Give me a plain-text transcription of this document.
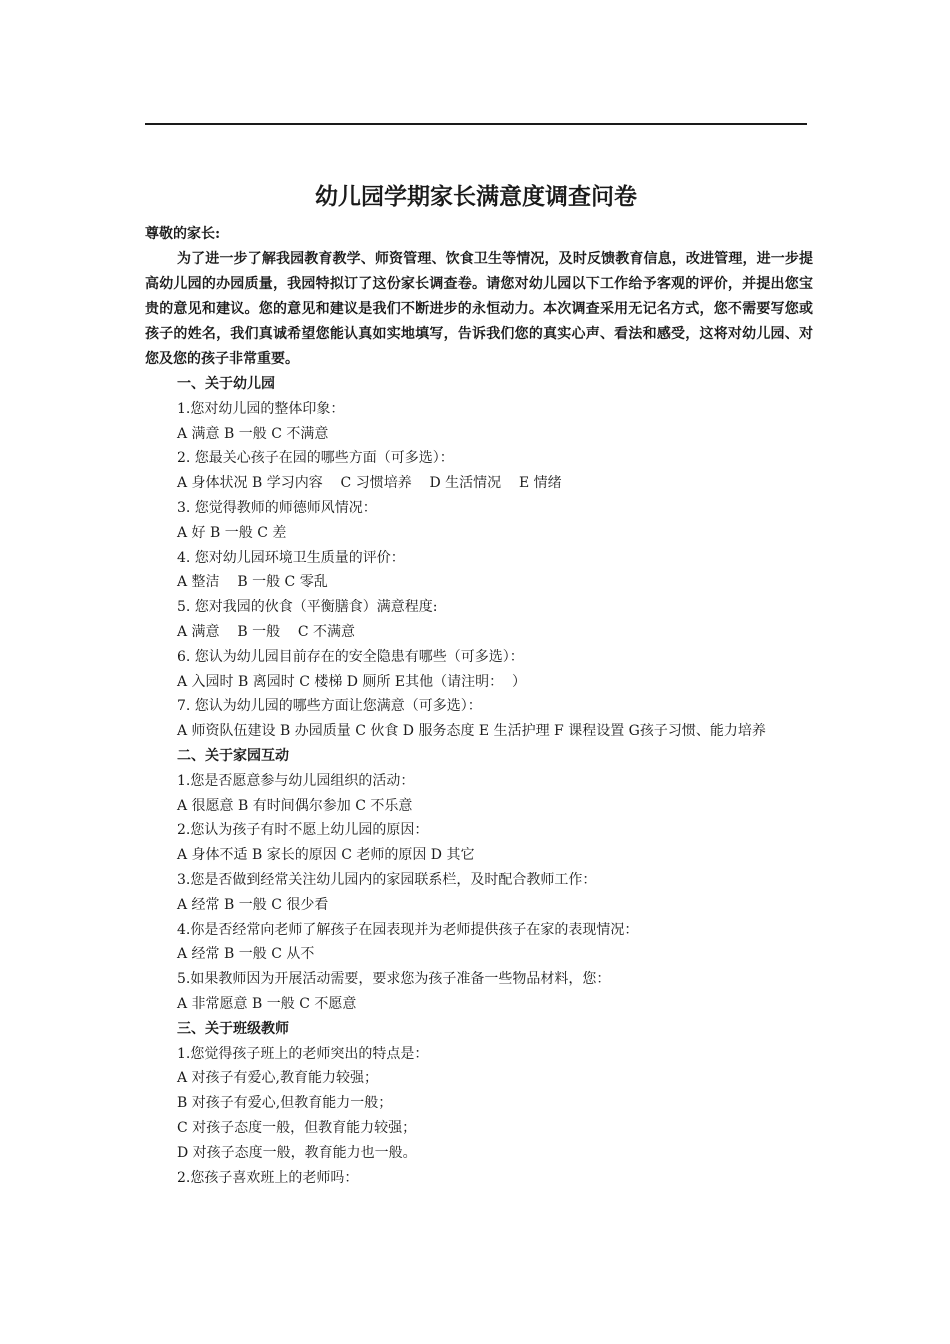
幼儿园学期家长满意度调查问卷
尊敬的家长:

为了进一步了解我园教育教学、师资管理、饮食卫生等情况，及时反馈教育信息，改进管理，进一步提高幼儿园的办园质量，我园特拟订了这份家长调查卷。请您对幼儿园以下工作给予客观的评价，并提出您宝贵的意见和建议。您的意见和建议是我们不断进步的永恒动力。本次调查采用无记名方式，您不需要写您或孩子的姓名，我们真诚希望您能认真如实地填写，告诉我们您的真实心声、看法和感受，这将对幼儿园、对您及您的孩子非常重要。

一、关于幼儿园
1.您对幼儿园的整体印象：
A 满意 B 一般 C 不满意
2. 您最关心孩子在园的哪些方面（可多选）：
A 身体状况 B 学习内容    C 习惯培养    D 生活情况    E 情绪
3. 您觉得教师的师德师风情况：
A 好 B 一般 C 差
4. 您对幼儿园环境卫生质量的评价：
A 整洁    B 一般 C 零乱
5. 您对我园的伙食（平衡膳食）满意程度:
A 满意    B 一般    C 不满意
6. 您认为幼儿园目前存在的安全隐患有哪些（可多选）：
A 入园时 B 离园时 C 楼梯 D 厕所 E其他（请注明：  ）
7. 您认为幼儿园的哪些方面让您满意（可多选）：
A 师资队伍建设 B 办园质量 C 伙食 D 服务态度 E 生活护理 F 课程设置 G孩子习惯、能力培养
二、关于家园互动
1.您是否愿意参与幼儿园组织的活动：
A 很愿意 B 有时间偶尔参加 C 不乐意
2.您认为孩子有时不愿上幼儿园的原因：
A 身体不适 B 家长的原因 C 老师的原因 D 其它
3.您是否做到经常关注幼儿园内的家园联系栏，及时配合教师工作：
A 经常 B 一般 C 很少看
4.你是否经常向老师了解孩子在园表现并为老师提供孩子在家的表现情况：
A 经常 B 一般 C 从不
5.如果教师因为开展活动需要，要求您为孩子准备一些物品材料，您：
A 非常愿意 B 一般 C 不愿意
三、关于班级教师
1.您觉得孩子班上的老师突出的特点是：
A 对孩子有爱心,教育能力较强；
B 对孩子有爱心,但教育能力一般；
C 对孩子态度一般，但教育能力较强；
D 对孩子态度一般，教育能力也一般。
2.您孩子喜欢班上的老师吗：
